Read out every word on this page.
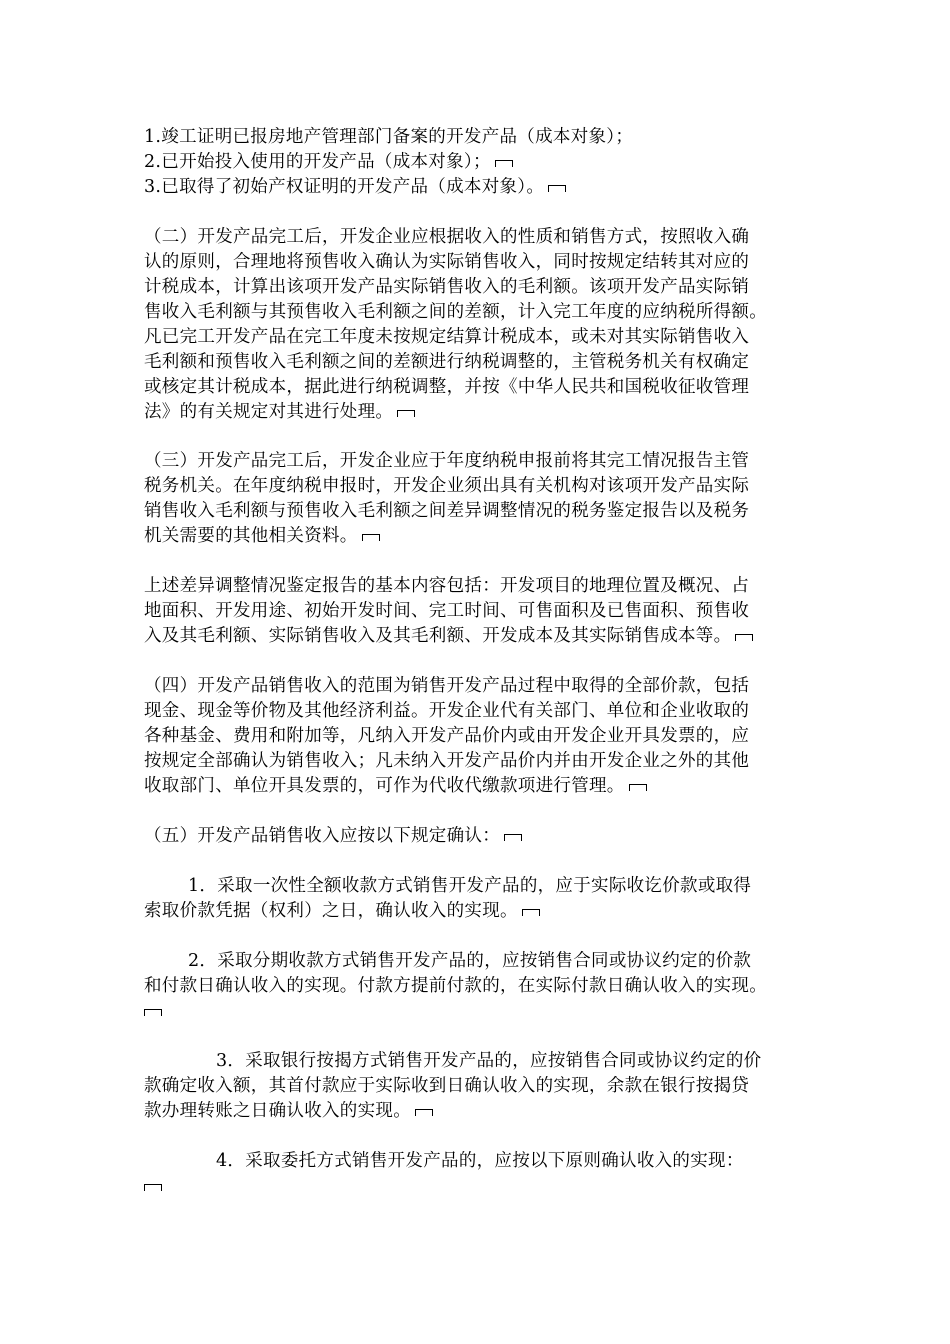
1.竣工证明已报房地产管理部门备案的开发产品（成本对象）；
2.已开始投入使用的开发产品（成本对象）；
3.已取得了初始产权证明的开发产品（成本对象）。
（二）开发产品完工后，开发企业应根据收入的性质和销售方式，按照收入确
认的原则，合理地将预售收入确认为实际销售收入，同时按规定结转其对应的
计税成本，计算出该项开发产品实际销售收入的毛利额。该项开发产品实际销
售收入毛利额与其预售收入毛利额之间的差额，计入完工年度的应纳税所得额。
凡已完工开发产品在完工年度未按规定结算计税成本，或未对其实际销售收入
毛利额和预售收入毛利额之间的差额进行纳税调整的，主管税务机关有权确定
或核定其计税成本，据此进行纳税调整，并按《中华人民共和国税收征收管理
法》的有关规定对其进行处理。
（三）开发产品完工后，开发企业应于年度纳税申报前将其完工情况报告主管
税务机关。在年度纳税申报时，开发企业须出具有关机构对该项开发产品实际
销售收入毛利额与预售收入毛利额之间差异调整情况的税务鉴定报告以及税务
机关需要的其他相关资料。
上述差异调整情况鉴定报告的基本内容包括：开发项目的地理位置及概况、占
地面积、开发用途、初始开发时间、完工时间、可售面积及已售面积、预售收
入及其毛利额、实际销售收入及其毛利额、开发成本及其实际销售成本等。
（四）开发产品销售收入的范围为销售开发产品过程中取得的全部价款，包括
现金、现金等价物及其他经济利益。开发企业代有关部门、单位和企业收取的
各种基金、费用和附加等，凡纳入开发产品价内或由开发企业开具发票的，应
按规定全部确认为销售收入；凡未纳入开发产品价内并由开发企业之外的其他
收取部门、单位开具发票的，可作为代收代缴款项进行管理。
（五）开发产品销售收入应按以下规定确认：
1．采取一次性全额收款方式销售开发产品的，应于实际收讫价款或取得
索取价款凭据（权利）之日，确认收入的实现。
2．采取分期收款方式销售开发产品的，应按销售合同或协议约定的价款
和付款日确认收入的实现。付款方提前付款的，在实际付款日确认收入的实现。
3．采取银行按揭方式销售开发产品的，应按销售合同或协议约定的价
款确定收入额，其首付款应于实际收到日确认收入的实现，余款在银行按揭贷
款办理转账之日确认收入的实现。
4．采取委托方式销售开发产品的，应按以下原则确认收入的实现：
